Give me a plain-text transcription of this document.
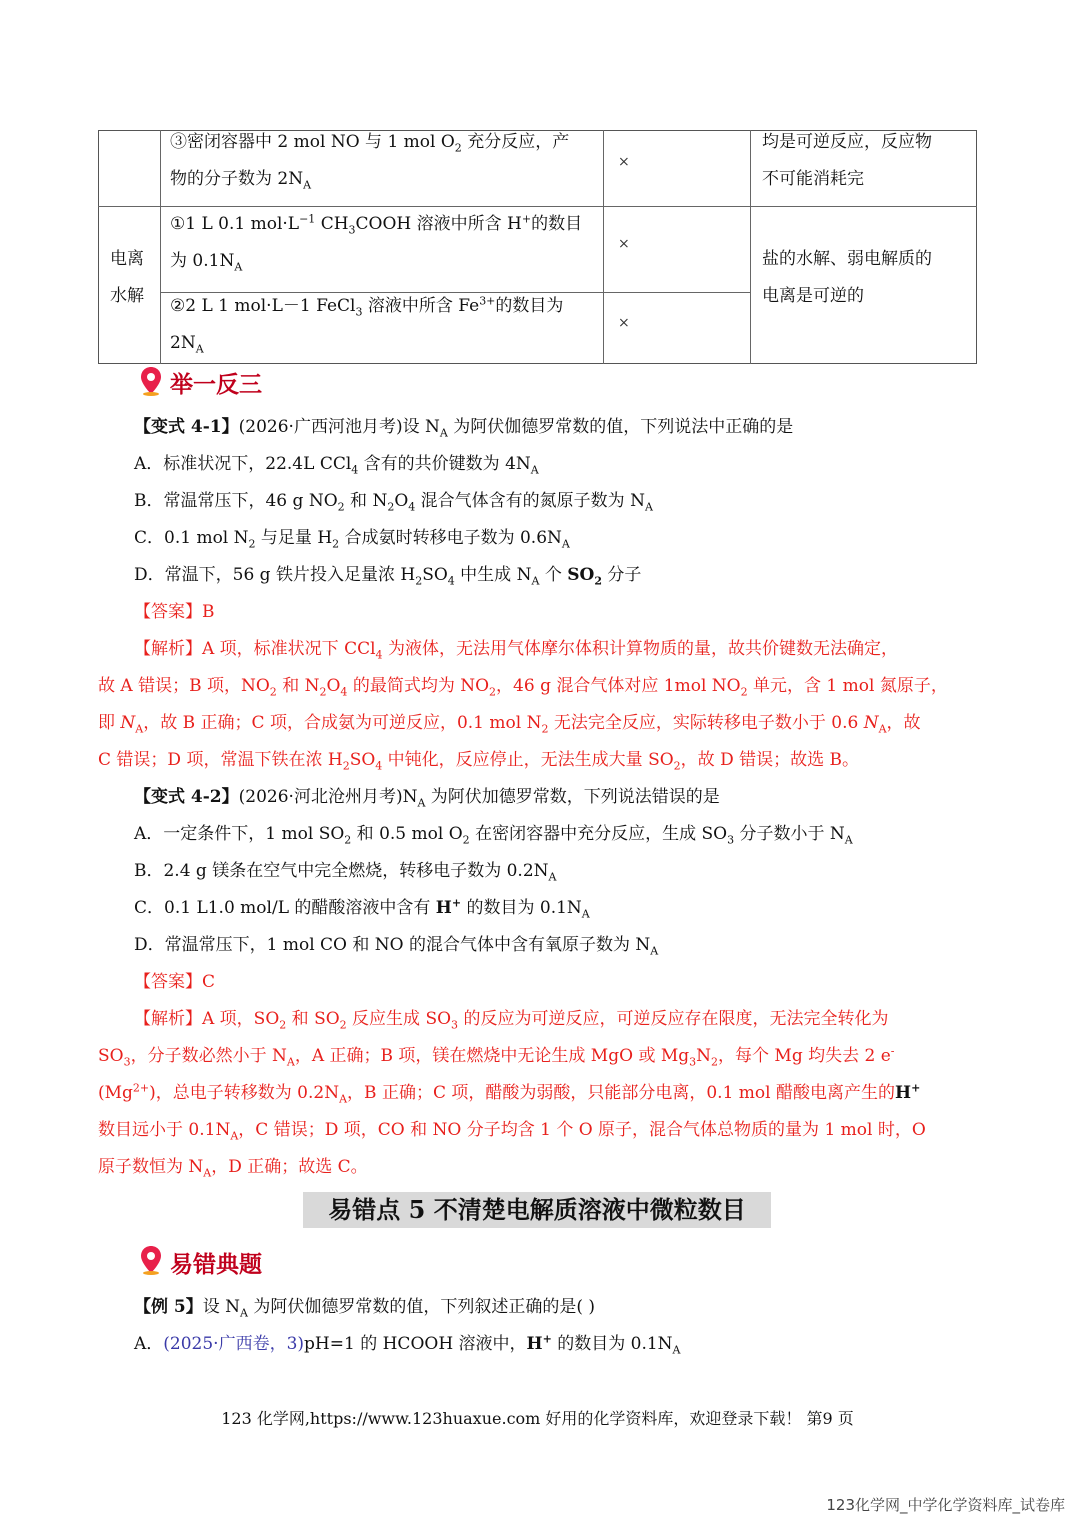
③密闭容器中 2 mol NO 与 1 mol $O_2$ 充分反应，产
物的分子数为 $2N_A$
×
均是可逆反应，反应物
不可能消耗完
电离
水解
①1 L 0.1 $mol\cdot L^{-1}$ $CH_3COOH$ 溶液中所含 H+的数目
为 $0.1N_A$
×
②2 L 1 mol·L－1 FeCl$_3$ 溶液中所含 $Fe^{3+}$的数目为
$2N_A$
×
盐的水解、弱电解质的
电离是可逆的
举一反三
【变式 4-1】(2026·广西河池月考)设 $N_A$ 为阿伏伽德罗常数的值，下列说法中正确的是
A．标准状况下，22.4L CCl$_4$ 含有的共价键数为 $4N_A$
B．常温常压下，46 g $NO_2$ 和 $N_2O_4$ 混合气体含有的氮原子数为 $N_A$
C．0.1 mol $N_2$ 与足量 $H_2$ 合成氨时转移电子数为 $0.6N_A$
D．常温下，56 g 铁片投入足量浓 $H_2SO_4$ 中生成 $N_A$ 个 $SO_2$ 分子
【答案】B
【解析】A 项，标准状况下 CCl$_4$ 为液体，无法用气体摩尔体积计算物质的量，故共价键数无法确定，
故 A 错误；B 项，$NO_2$ 和 $N_2O_4$ 的最简式均为 $NO_2$，46 g 混合气体对应 1mol $NO_2$ 单元，含 1 mol 氮原子，
即 $N_A$，故 B 正确；C 项，合成氨为可逆反应，0.1 mol $N_2$ 无法完全反应，实际转移电子数小于 0.6 $N_A$，故
C 错误；D 项，常温下铁在浓 $H_2SO_4$ 中钝化，反应停止，无法生成大量 $SO_2$，故 D 错误；故选 B。
【变式 4-2】(2026·河北沧州月考)$N_A$ 为阿伏加德罗常数，下列说法错误的是
A．一定条件下，1 mol $SO_2$ 和 0.5 mol $O_2$ 在密闭容器中充分反应，生成 $SO_3$ 分子数小于 $N_A$
B．2.4 g 镁条在空气中完全燃烧，转移电子数为 $0.2N_A$
C．0.1 L1.0 mol/L 的醋酸溶液中含有 H+ 的数目为 $0.1N_A$
D．常温常压下，1 mol CO 和 NO 的混合气体中含有氧原子数为 $N_A$
【答案】C
【解析】A 项，$SO_2$ 和 $SO_2$ 反应生成 $SO_3$ 的反应为可逆反应，可逆反应存在限度，无法完全转化为
$SO_3$，分子数必然小于 $N_A$，A 正确；B 项，镁在燃烧中无论生成 MgO 或 $Mg_3N_2$，每个 Mg 均失去 2 e-
$(Mg^{2+})$，总电子转移数为 $0.2N_A$，B 正确；C 项，醋酸为弱酸，只能部分电离，0.1 mol 醋酸电离产生的H+
数目远小于 $0.1N_A$，C 错误；D 项，CO 和 NO 分子均含 1 个 O 原子，混合气体总物质的量为 1 mol 时，O
原子数恒为 $N_A$，D 正确；故选 C。
易错点 5 不清楚电解质溶液中微粒数目
易错典题
【例 5】设 $N_A$ 为阿伏伽德罗常数的值，下列叙述正确的是( )
A．(2025·广西卷，3)pH=1 的 HCOOH 溶液中，H+ 的数目为 $0.1N_A$
123 化学网,https://www.123huaxue.com 好用的化学资料库，欢迎登录下载！ 第9 页
123化学网_中学化学资料库_试卷库
